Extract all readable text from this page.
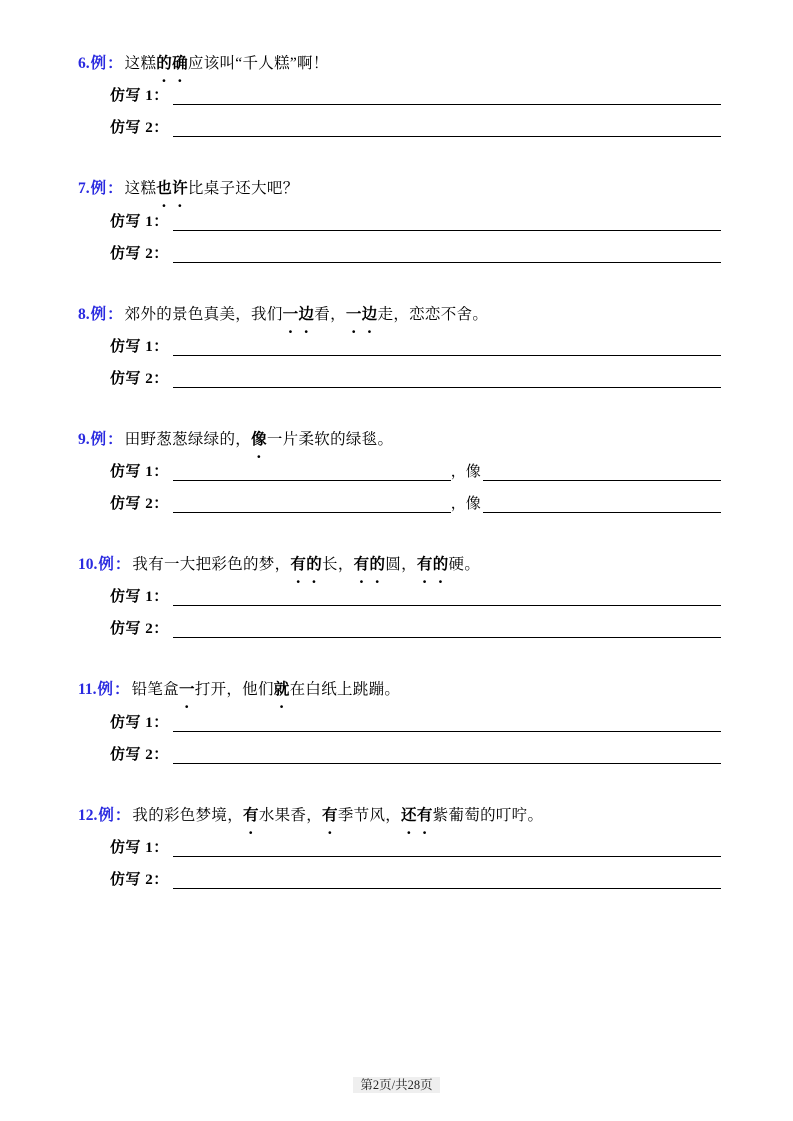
6. 例 ： 这糕的确应该叫“千人糕”啊！
仿写 1：
仿写 2：
7. 例 ： 这糕也许比桌子还大吧？
仿写 1：
仿写 2：
8. 例 ： 郊外的景色真美，我们一边看，一边走，恋恋不舍。
仿写 1：
仿写 2：
9. 例 ： 田野葱葱绿绿的，像一片柔软的绿毯。
仿写 1：	，像
仿写 2：	，像
10. 例 ： 我有一大把彩色的梦，有的长，有的圆，有的硬。
仿写 1：
仿写 2：
11. 例 ： 铅笔盒一打开，他们就在白纸上跳蹦。
仿写 1：
仿写 2：
12. 例 ： 我的彩色梦境，有水果香，有季节风，还有紫葡萄的叮咛。
仿写 1：
仿写 2：
第2页/共28页
